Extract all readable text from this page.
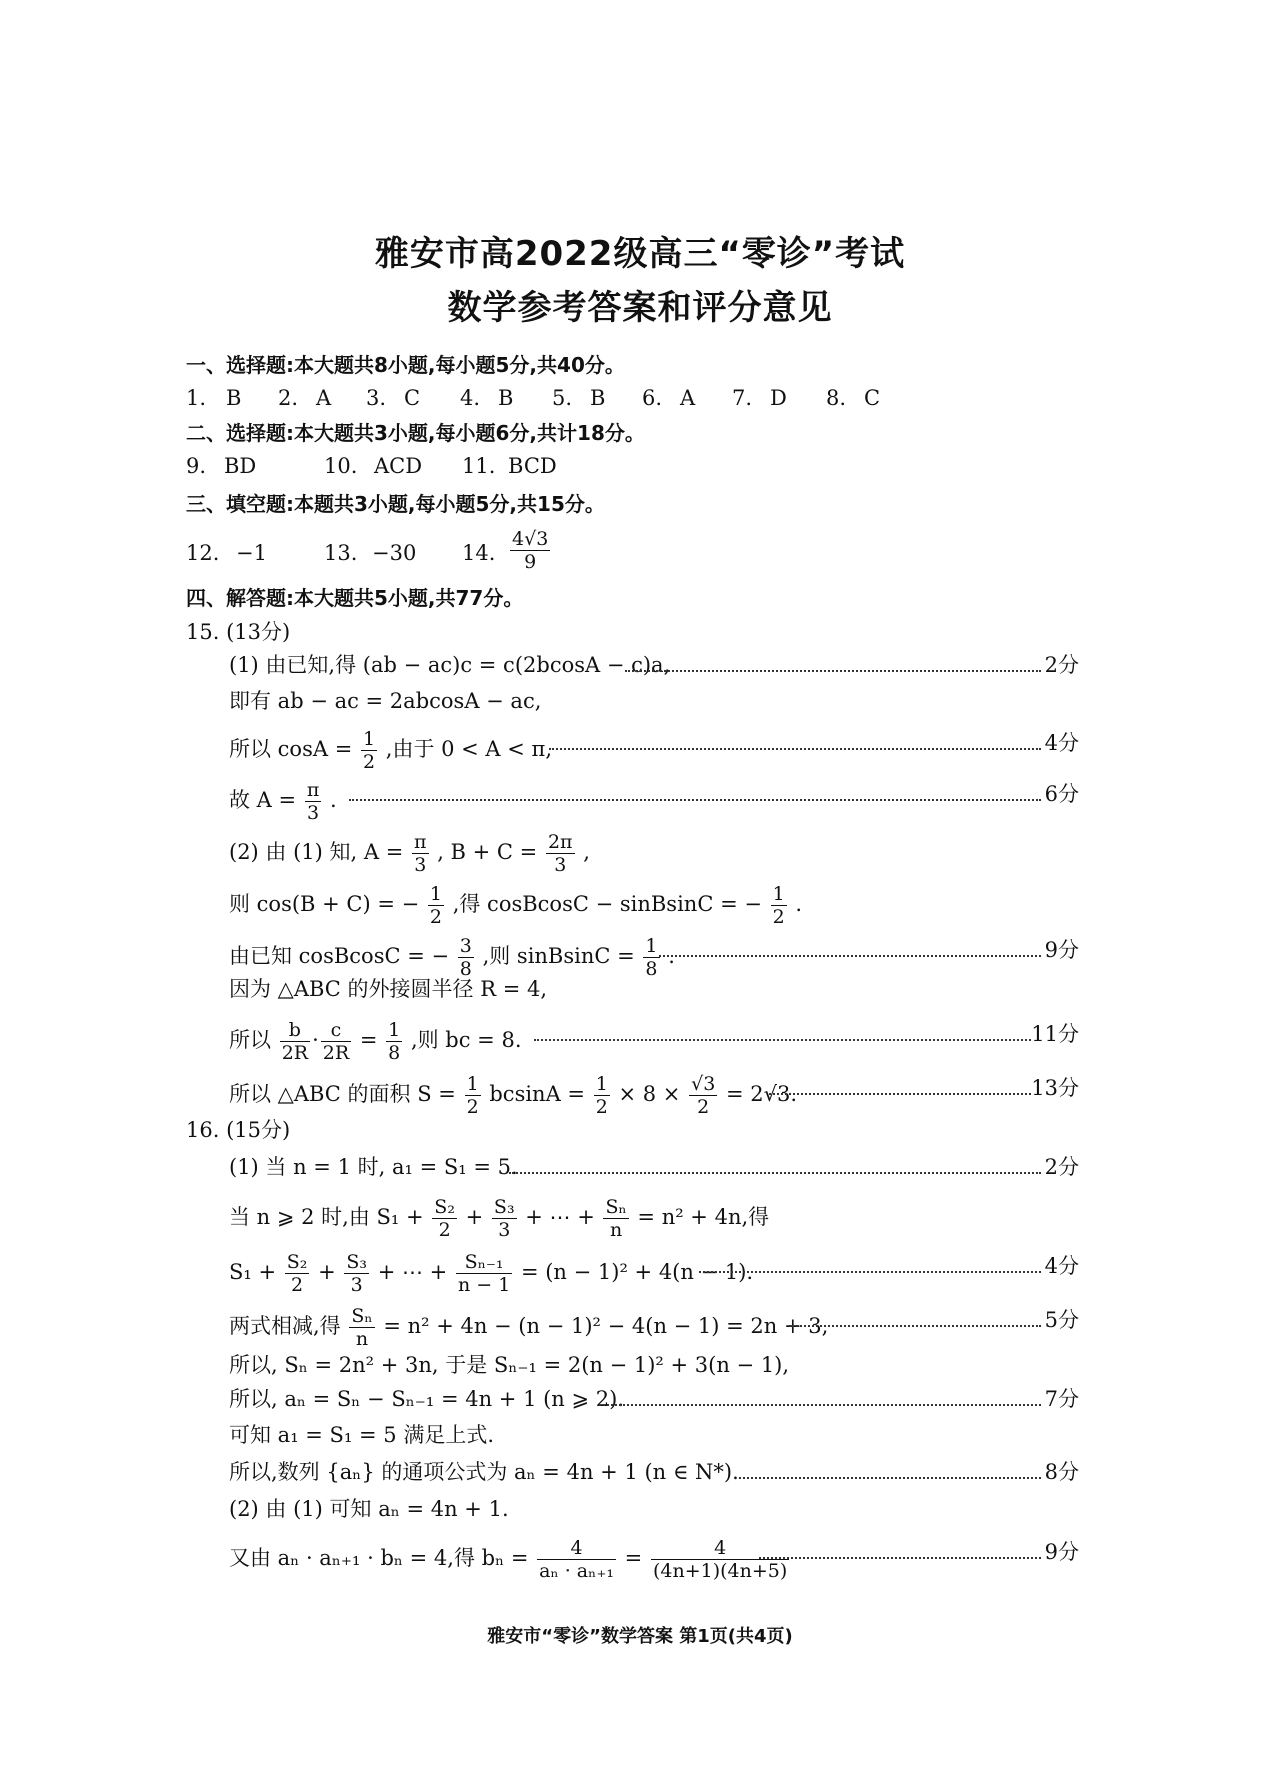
雅安市高2022级高三“零诊”考试
数学参考答案和评分意见
一、选择题:本大题共8小题,每小题5分,共40分。
1. B 2. A 3. C 4. B 5. B 6. A 7. D 8. C
二、选择题:本大题共3小题,每小题6分,共计18分。
9. BD	10. ACD 11. BCD
三、填空题:本题共3小题,每小题5分,共15分。
12. −1	13. −30 14. $\frac{4√3}{9}$
四、解答题:本大题共5小题,共77分。
15. (13分)
(1) 由已知,得 (ab − ac)c = c(2bcosA − c)a,	2分
即有 ab − ac = 2abcosA − ac,
所以 $\cos A = \frac{1}{2}$ ,由于 0 < A < π,	4分
故 $A = \frac{\pi}{3}$ .	6分
(2) 由 (1) 知, $A = \frac{\pi}{3}$ , $B + C = \frac{2\pi}{3}$ ,
则 cos(B + C) = − $\frac{1}{2}$ ,得 cosBcosC − sinBsinC = − $\frac{1}{2}$ .
由已知 cosBcosC = − $\frac{3}{8}$ ,则 sinBsinC = $\frac{1}{8}$ .	9分
因为 △ABC 的外接圆半径 R = 4,
所以 $\frac{b}{2R} \cdot \frac{c}{2R} = \frac{1}{8}$ ,则 bc = 8.	11分
所以 △ABC 的面积 $S = \frac{1}{2}$ $bcsinA = \frac{1}{2} \times 8 \times \frac{√3}{2} = 2√3$.	13分
16. (15分)
(1) 当 n = 1 时, a₁ = S₁ = 5.	2分
当 n ⩾ 2 时,由 $S_1 + \frac{\text{S₂}}{2} + \frac{\text{S₃}}{3}$ + ⋯ + $\frac{\text{Sₙ}}{n} = n^2 + 4n$,得
$S_1 + \frac{\text{S₂}}{2} + \frac{\text{S₃}}{3}$ + ⋯ + $\frac{\text{Sₙ₋₁}}{n - 1} = (n - 1)^2 + 4(n - 1)$.	4分
两式相减,得 $\frac{\text{Sₙ}}{n} = n^2 + 4n - (n - 1)^2 - 4(n - 1) = 2n + 3$,	5分
所以, Sₙ = 2n² + 3n, 于是 Sₙ₋₁ = 2(n − 1)² + 3(n − 1),
所以, aₙ = Sₙ − Sₙ₋₁ = 4n + 1 (n ⩾ 2).	7分
可知 a₁ = S₁ = 5 满足上式.
所以,数列 {aₙ} 的通项公式为 aₙ = 4n + 1 (n ∈ N*).	8分
(2) 由 (1) 可知 aₙ = 4n + 1.
又由 aₙ · aₙ₊₁ · bₙ = 4,得 $b_n = \frac{4}{\text{aₙ · aₙ₊₁}} = \frac{4}{(4n+1)(4n+5)}$	9分
雅安市“零诊”数学答案 第1页(共4页)
